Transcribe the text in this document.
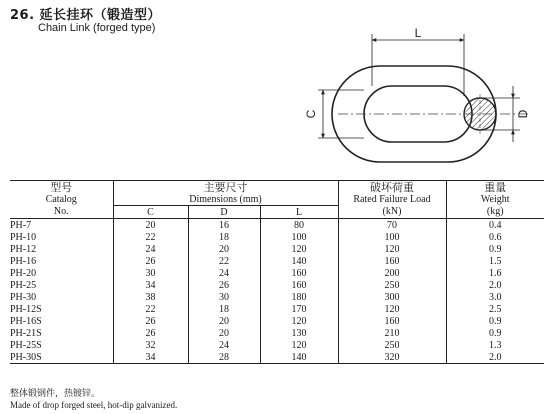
26. 延长挂环（锻造型）
Chain Link (forged type)	L
C	D
型号	主要尺寸			破坏荷重	重量
Catalog	Dimensions (mm)			Rated Failure Load	Weight
No.	C	D	L	(kN)	(kg)
PH-7	20	16	80	70	0.4
PH-10	22	18	100	100	0.6
PH-12	24	20	120	120	0.9
PH-16	26	22	140	160	1.5
PH-20	30	24	160	200	1.6
PH-25	34	26	160	250	2.0
PH-30	38	30	180	300	3.0
PH-12S	22	18	170	120	2.5
PH-16S	26	20	120	160	0.9
PH-21S	26	20	130	210	0.9
PH-25S	32	24	120	250	1.3
PH-30S	34	28	140	320	2.0
整体锻钢件，热镀锌。
Made of drop forged steel, hot-dip galvanized.
